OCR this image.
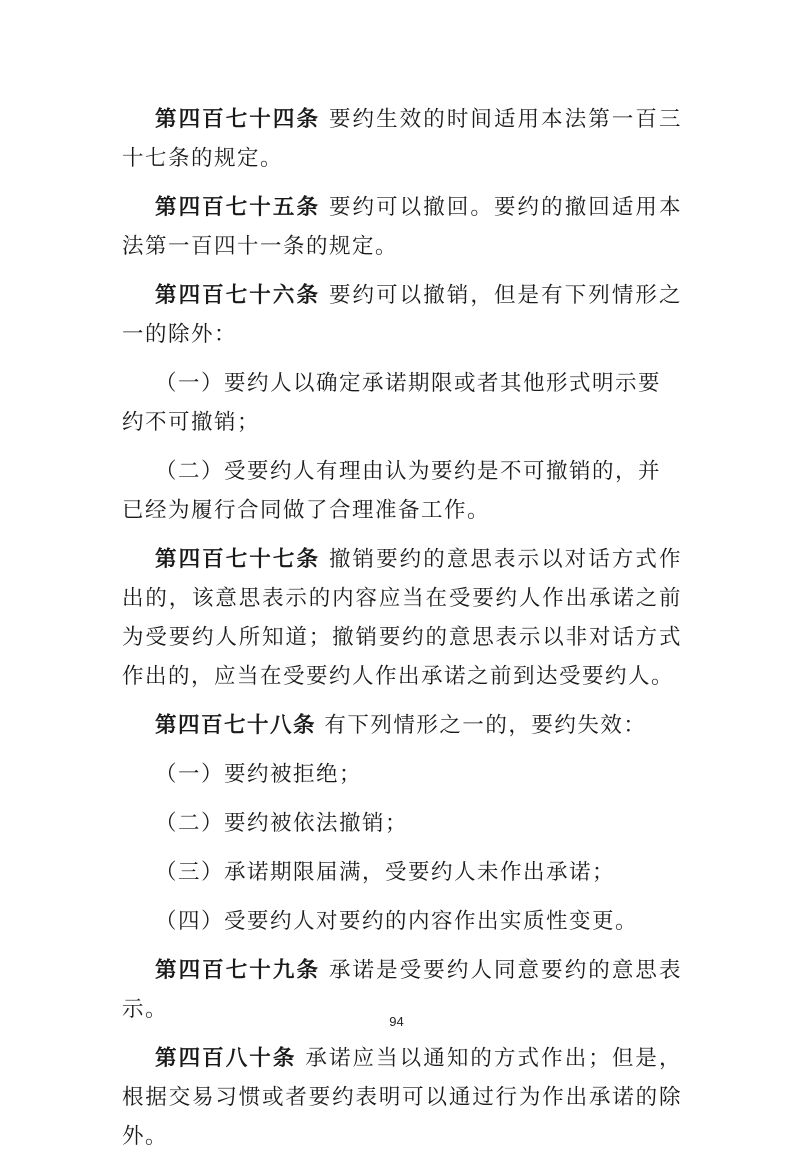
第四百七十四条 要约生效的时间适用本法第一百三十七条的规定。

第四百七十五条 要约可以撤回。要约的撤回适用本法第一百四十一条的规定。

第四百七十六条 要约可以撤销，但是有下列情形之一的除外：

（一）要约人以确定承诺期限或者其他形式明示要约不可撤销；

（二）受要约人有理由认为要约是不可撤销的，并已经为履行合同做了合理准备工作。

第四百七十七条 撤销要约的意思表示以对话方式作出的，该意思表示的内容应当在受要约人作出承诺之前为受要约人所知道；撤销要约的意思表示以非对话方式作出的，应当在受要约人作出承诺之前到达受要约人。

第四百七十八条 有下列情形之一的，要约失效：

（一）要约被拒绝；

（二）要约被依法撤销；

（三）承诺期限届满，受要约人未作出承诺；

（四）受要约人对要约的内容作出实质性变更。

第四百七十九条 承诺是受要约人同意要约的意思表示。

第四百八十条 承诺应当以通知的方式作出；但是，根据交易习惯或者要约表明可以通过行为作出承诺的除外。

94
